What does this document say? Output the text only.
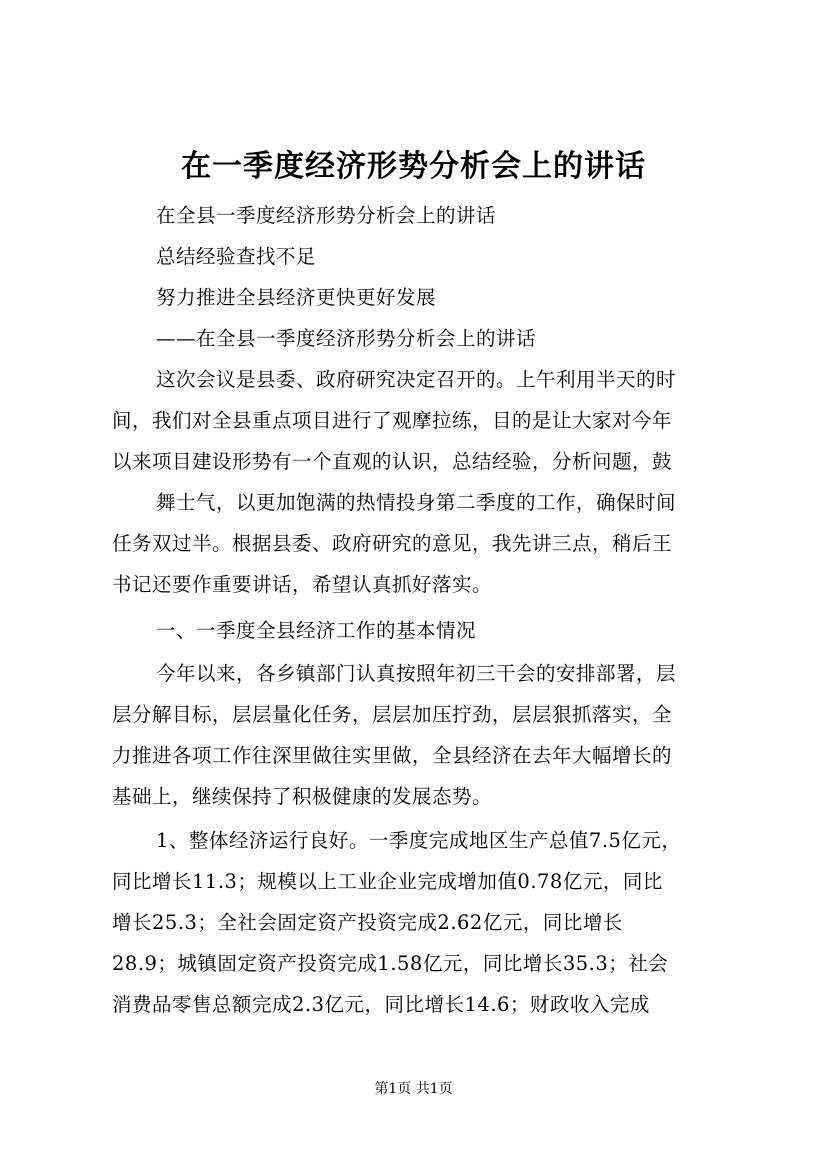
在一季度经济形势分析会上的讲话
在全县一季度经济形势分析会上的讲话
总结经验查找不足
努力推进全县经济更快更好发展
——在全县一季度经济形势分析会上的讲话
这次会议是县委、政府研究决定召开的。上午利用半天的时
间，我们对全县重点项目进行了观摩拉练，目的是让大家对今年
以来项目建设形势有一个直观的认识，总结经验，分析问题，鼓
舞士气，以更加饱满的热情投身第二季度的工作，确保时间
任务双过半。根据县委、政府研究的意见，我先讲三点，稍后王
书记还要作重要讲话，希望认真抓好落实。
一、一季度全县经济工作的基本情况
今年以来，各乡镇部门认真按照年初三干会的安排部署，层
层分解目标，层层量化任务，层层加压拧劲，层层狠抓落实，全
力推进各项工作往深里做往实里做，全县经济在去年大幅增长的
基础上，继续保持了积极健康的发展态势。
1、整体经济运行良好。一季度完成地区生产总值7.5亿元，
同比增长11.3；规模以上工业企业完成增加值0.78亿元，同比
增长25.3；全社会固定资产投资完成2.62亿元，同比增长
28.9；城镇固定资产投资完成1.58亿元，同比增长35.3；社会
消费品零售总额完成2.3亿元，同比增长14.6；财政收入完成
第1页 共1页
